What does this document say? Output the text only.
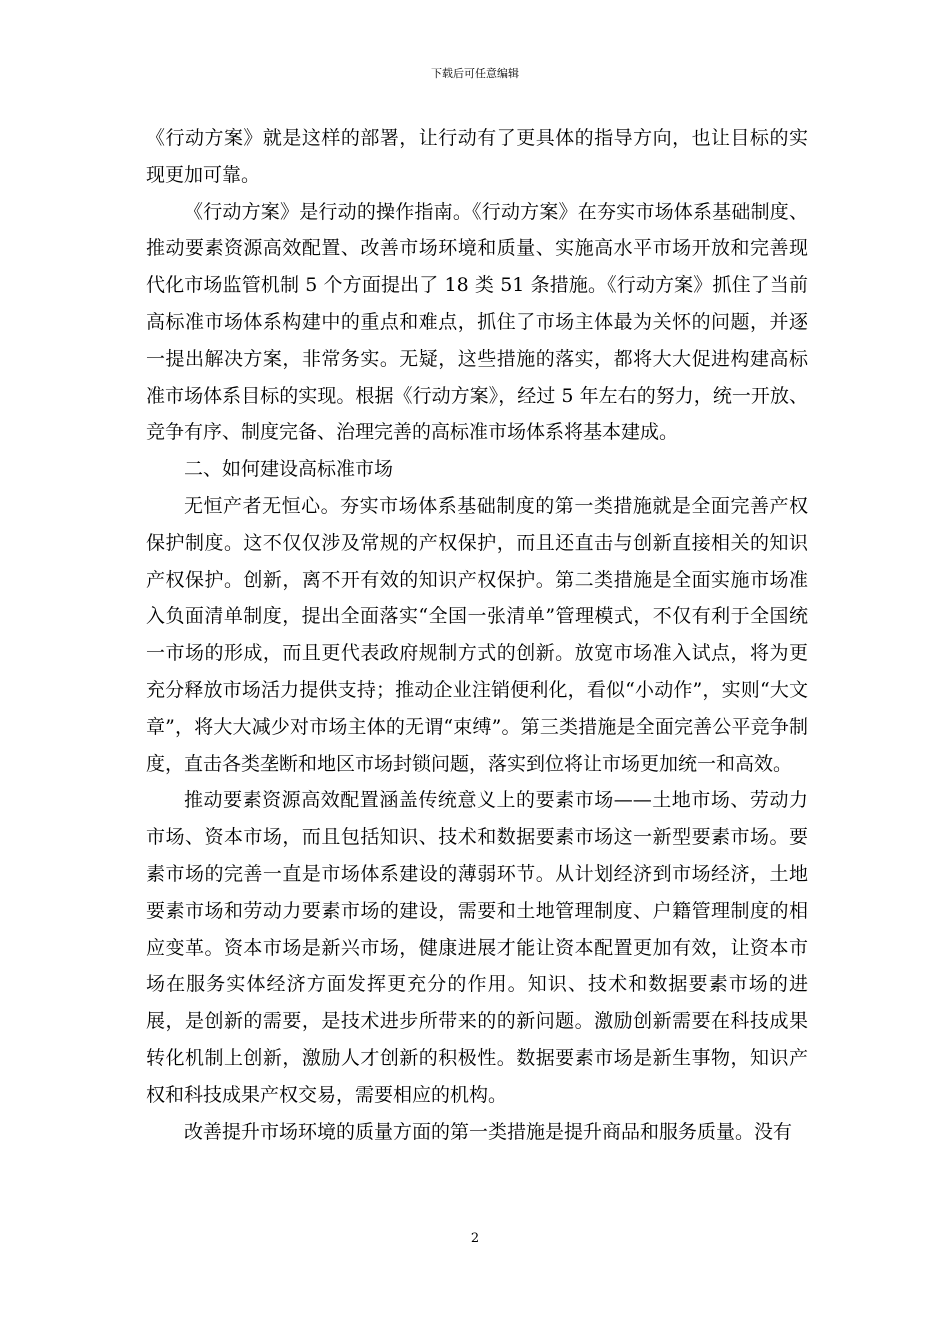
下载后可任意编辑

《行动方案》就是这样的部署，让行动有了更具体的指导方向，也让目标的实现更加可靠。

《行动方案》是行动的操作指南。《行动方案》在夯实市场体系基础制度、推动要素资源高效配置、改善市场环境和质量、实施高水平市场开放和完善现代化市场监管机制 5 个方面提出了 18 类 51 条措施。《行动方案》抓住了当前高标准市场体系构建中的重点和难点，抓住了市场主体最为关怀的问题，并逐一提出解决方案，非常务实。无疑，这些措施的落实，都将大大促进构建高标准市场体系目标的实现。根据《行动方案》，经过 5 年左右的努力，统一开放、竞争有序、制度完备、治理完善的高标准市场体系将基本建成。

二、如何建设高标准市场

无恒产者无恒心。夯实市场体系基础制度的第一类措施就是全面完善产权保护制度。这不仅仅涉及常规的产权保护，而且还直击与创新直接相关的知识产权保护。创新，离不开有效的知识产权保护。第二类措施是全面实施市场准入负面清单制度，提出全面落实“全国一张清单”管理模式，不仅有利于全国统一市场的形成，而且更代表政府规制方式的创新。放宽市场准入试点，将为更充分释放市场活力提供支持；推动企业注销便利化，看似“小动作”，实则“大文章”，将大大减少对市场主体的无谓“束缚”。第三类措施是全面完善公平竞争制度，直击各类垄断和地区市场封锁问题，落实到位将让市场更加统一和高效。

推动要素资源高效配置涵盖传统意义上的要素市场——土地市场、劳动力市场、资本市场，而且包括知识、技术和数据要素市场这一新型要素市场。要素市场的完善一直是市场体系建设的薄弱环节。从计划经济到市场经济，土地要素市场和劳动力要素市场的建设，需要和土地管理制度、户籍管理制度的相应变革。资本市场是新兴市场，健康进展才能让资本配置更加有效，让资本市场在服务实体经济方面发挥更充分的作用。知识、技术和数据要素市场的进展，是创新的需要，是技术进步所带来的的新问题。激励创新需要在科技成果转化机制上创新，激励人才创新的积极性。数据要素市场是新生事物，知识产权和科技成果产权交易，需要相应的机构。

改善提升市场环境的质量方面的第一类措施是提升商品和服务质量。没有

2
